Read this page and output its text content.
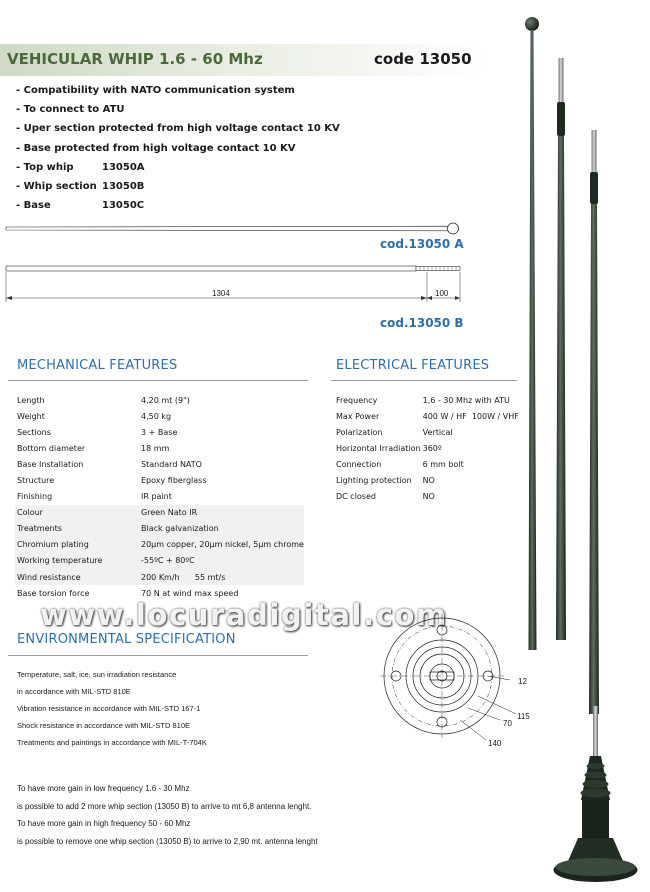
VEHICULAR WHIP 1.6 - 60 Mhz	code 13050
- Compatibility with NATO communication system
- To connect to ATU
- Uper section protected from high voltage contact 10 KV
- Base protected from high voltage contact 10 KV
- Top whip	13050A
- Whip section 13050B
- Base	13050C
1304	100
cod.13050 A
cod.13050 B
MECHANICAL FEATURES
Length	4,20 mt (9")
Weight	4,50 kg
Sections	3 + Base
Bottom diameter	18 mm
Base Installation	Standard NATO
Structure	Epoxy fiberglass
Finishing	IR paint
Colour	Green Nato IR
Treatments	Black galvanization
Chromium plating	20µm copper, 20µm nickel, 5µm chrome
Working temperature	-55ºC + 80ºC
Wind resistance	200 Km/h      55 mt/s
Base torsion force	70 N at wind max speed
ELECTRICAL FEATURES
Frequency	1,6 - 30 Mhz with ATU
Max Power	400 W / HF  100W / VHF
Polarization	Vertical
Horizontal Irradiation	360º
Connection	6 mm bolt
Lighting protection	NO
DC closed	NO
www.locuradigital.com
ENVIRONMENTAL SPECIFICATION
Temperature, salt, ice, sun irradiation resistance
in accordance with MIL-STD 810E
Vibration resistance in accordance with MIL-STD 167-1
Shock resistance in accordance with MIL-STD 810E
Treatments and paintings in accordance with MIL-T-704K
12
115
70
140
To have more gain in low frequency 1.6 - 30 Mhz
is possible to add 2 more whip section (13050 B) to arrive to mt 6,8 antenna lenght.
To have more gain in high frequency 50 - 60 Mhz
is possible to remove one whip section (13050 B) to arrive to 2,90 mt. antenna lenght
